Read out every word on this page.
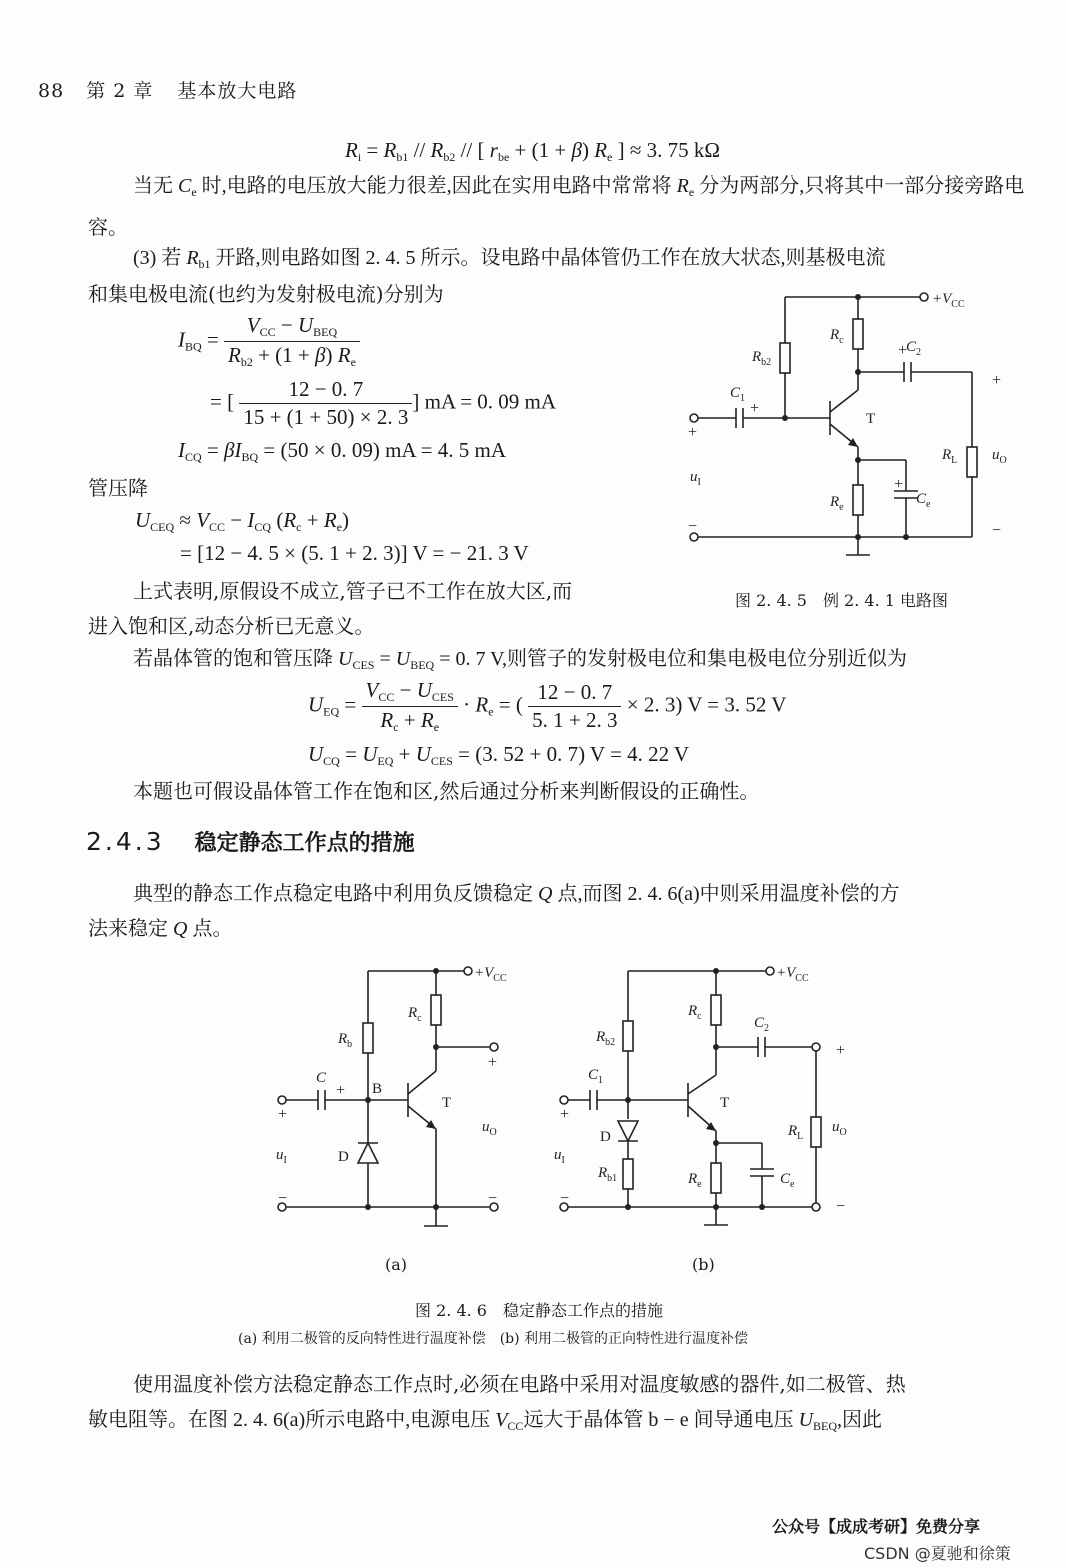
88 第 2 章 基本放大电路
$R_i = R_{b1} // R_{b2}$ // [ $r_{be} + (1 + \beta)$ $R_e$ ] ≈ 3. 75 kΩ
当无 $C_e$ 时,电路的电压放大能力很差,因此在实用电路中常常将 $R_e$ 分为两部分,只将其中一部分接旁路电容。
(3) 若 $R_{b1}$ 开路,则电路如图 2. 4. 5 所示。设电路中晶体管仍工作在放大状态,则基极电流
和集电极电流(也约为发射极电流)分别为
$I_{BQ} = \frac{V_{CC} - U_{BEQ}}{R_{b2} + (1 + \beta) R_e}$
= [ $\frac{12 - 0. 7}{15 + (1 + 50) \times 2. 3}$ ] mA = 0. 09 mA
$I_{CQ} = \beta I_{BQ} = (50 \times 0$. 09) mA = 4. 5 mA
管压降
$U_{CEQ} \approx V_{CC} - I_{CQ}$ $(R_c + R_e)$
= [12 − 4. 5 × (5. 1 + 2. 3)] V = − 21. 3 V
上式表明,原假设不成立,管子已不工作在放大区,而
进入饱和区,动态分析已无意义。
$+V_{CC}$
$R_c$
$R_{b2}$
$C_2$
$C_1$
$R_e$
$C_e$
$R_L$ $u_O$
$u_I$
T
+
+
+
+
+
−	−
图 2. 4. 5　例 2. 4. 1 电路图
若晶体管的饱和管压降 $U_{CES} = U_{BEQ} = 0$. 7 V,则管子的发射极电位和集电极电位分别近似为
$U_{EQ} = \frac{V_{CC} - U_{CES}}{R_c + R_e} \cdot R_e$ = ( $\frac{12 - 0. 7}{5. 1 + 2. 3} \times 2$. 3) V = 3. 52 V
$U_{CQ} = U_{EQ} + U_{CES} = (3$. 52 + 0. 7) V = 4. 22 V
本题也可假设晶体管工作在饱和区,然后通过分析来判断假设的正确性。
2.4.3 稳定静态工作点的措施
典型的静态工作点稳定电路中利用负反馈稳定 Q 点,而图 2. 4. 6(a)中则采用温度补偿的方
法来稳定 Q 点。
$+V_{CC}$
$R_c$
$R_b$
C
$u_O$
$u_I$
T
B
D
+
+
+
−	−
$+V_{CC}$
$R_c$
$R_{b2}$
$C_1$
$C_2$
$R_{b1}$	$R_e$	$C_e$
$R_L$
$u_O$
$u_I$
T
D
+
+
−	−
(a)	(b)
图 2. 4. 6　稳定静态工作点的措施
(a) 利用二极管的反向特性进行温度补偿　(b) 利用二极管的正向特性进行温度补偿
使用温度补偿方法稳定静态工作点时,必须在电路中采用对温度敏感的器件,如二极管、热
敏电阻等。在图 2. 4. 6(a)所示电路中,电源电压 $V_{CC}$远大于晶体管 b − e 间导通电压 $U_{BEQ}$,因此
公众号【成成考研】免费分享
CSDN @夏驰和徐策
